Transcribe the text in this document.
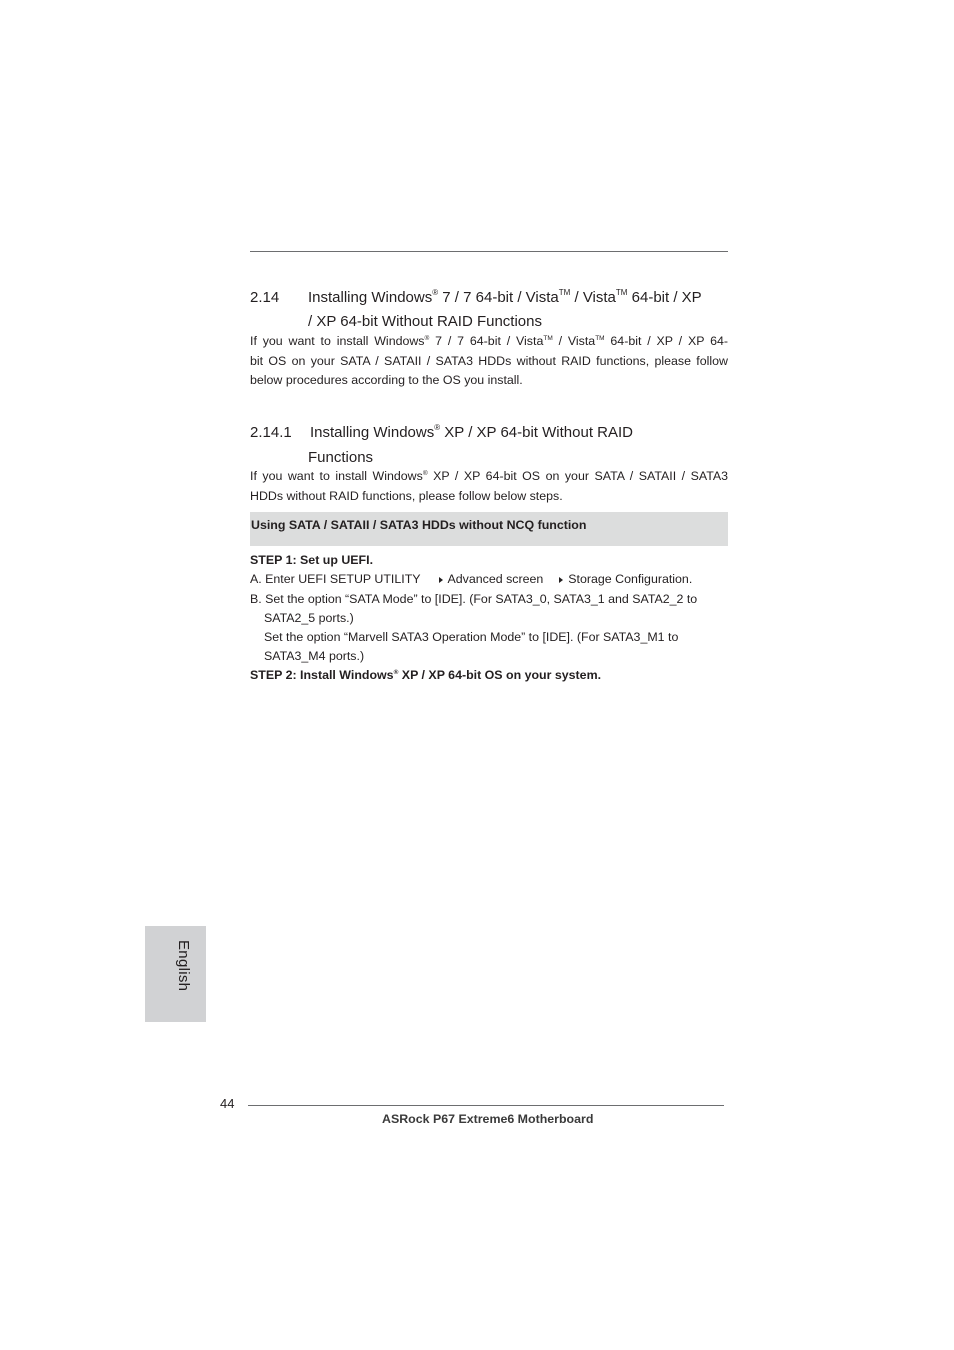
2.14 Installing Windows® 7 / 7 64-bit / Vista™ / Vista™ 64-bit / XP
/ XP 64-bit Without RAID Functions
If you want to install Windows® 7 / 7 64-bit / Vista™ / Vista™ 64-bit / XP / XP 64-
bit OS on your SATA / SATAII / SATA3 HDDs without RAID functions, please follow
below procedures according to the OS you install.
2.14.1 Installing Windows® XP / XP 64-bit Without RAID
Functions
If you want to install Windows® XP / XP 64-bit OS on your SATA / SATAII / SATA3
HDDs without RAID functions, please follow below steps.
Using SATA / SATAII / SATA3 HDDs without NCQ function
STEP 1: Set up UEFI.
A. Enter UEFI SETUP UTILITY Advanced screen Storage Configuration.
B. Set the option “SATA Mode” to [IDE]. (For SATA3_0, SATA3_1 and SATA2_2 to
SATA2_5 ports.)
Set the option “Marvell SATA3 Operation Mode” to [IDE]. (For SATA3_M1 to
SATA3_M4 ports.)
STEP 2: Install Windows® XP / XP 64-bit OS on your system.
English
44
ASRock P67 Extreme6 Motherboard
